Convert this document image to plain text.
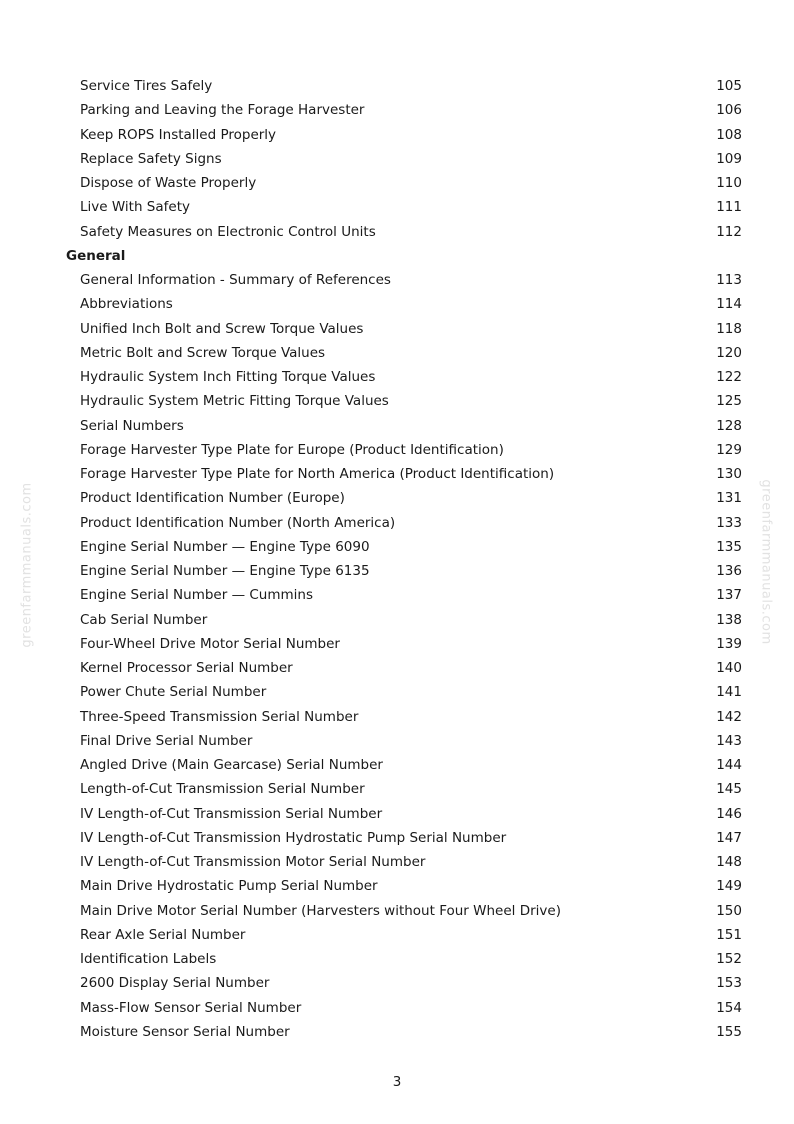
greenfarmmanuals.com	greenfarmmanuals.com
Service Tires Safely	105
Parking and Leaving the Forage Harvester	106
Keep ROPS Installed Properly	108
Replace Safety Signs	109
Dispose of Waste Properly	110
Live With Safety	111
Safety Measures on Electronic Control Units	112
General
General Information - Summary of References	113
Abbreviations	114
Unified Inch Bolt and Screw Torque Values	118
Metric Bolt and Screw Torque Values	120
Hydraulic System Inch Fitting Torque Values	122
Hydraulic System Metric Fitting Torque Values	125
Serial Numbers	128
Forage Harvester Type Plate for Europe (Product Identification)	129
Forage Harvester Type Plate for North America (Product Identification)	130
Product Identification Number (Europe)	131
Product Identification Number (North America)	133
Engine Serial Number — Engine Type 6090	135
Engine Serial Number — Engine Type 6135	136
Engine Serial Number — Cummins	137
Cab Serial Number	138
Four-Wheel Drive Motor Serial Number	139
Kernel Processor Serial Number	140
Power Chute Serial Number	141
Three-Speed Transmission Serial Number	142
Final Drive Serial Number	143
Angled Drive (Main Gearcase) Serial Number	144
Length-of-Cut Transmission Serial Number	145
IV Length-of-Cut Transmission Serial Number	146
IV Length-of-Cut Transmission Hydrostatic Pump Serial Number	147
IV Length-of-Cut Transmission Motor Serial Number	148
Main Drive Hydrostatic Pump Serial Number	149
Main Drive Motor Serial Number (Harvesters without Four Wheel Drive)	150
Rear Axle Serial Number	151
Identification Labels	152
2600 Display Serial Number	153
Mass-Flow Sensor Serial Number	154
Moisture Sensor Serial Number	155
3
